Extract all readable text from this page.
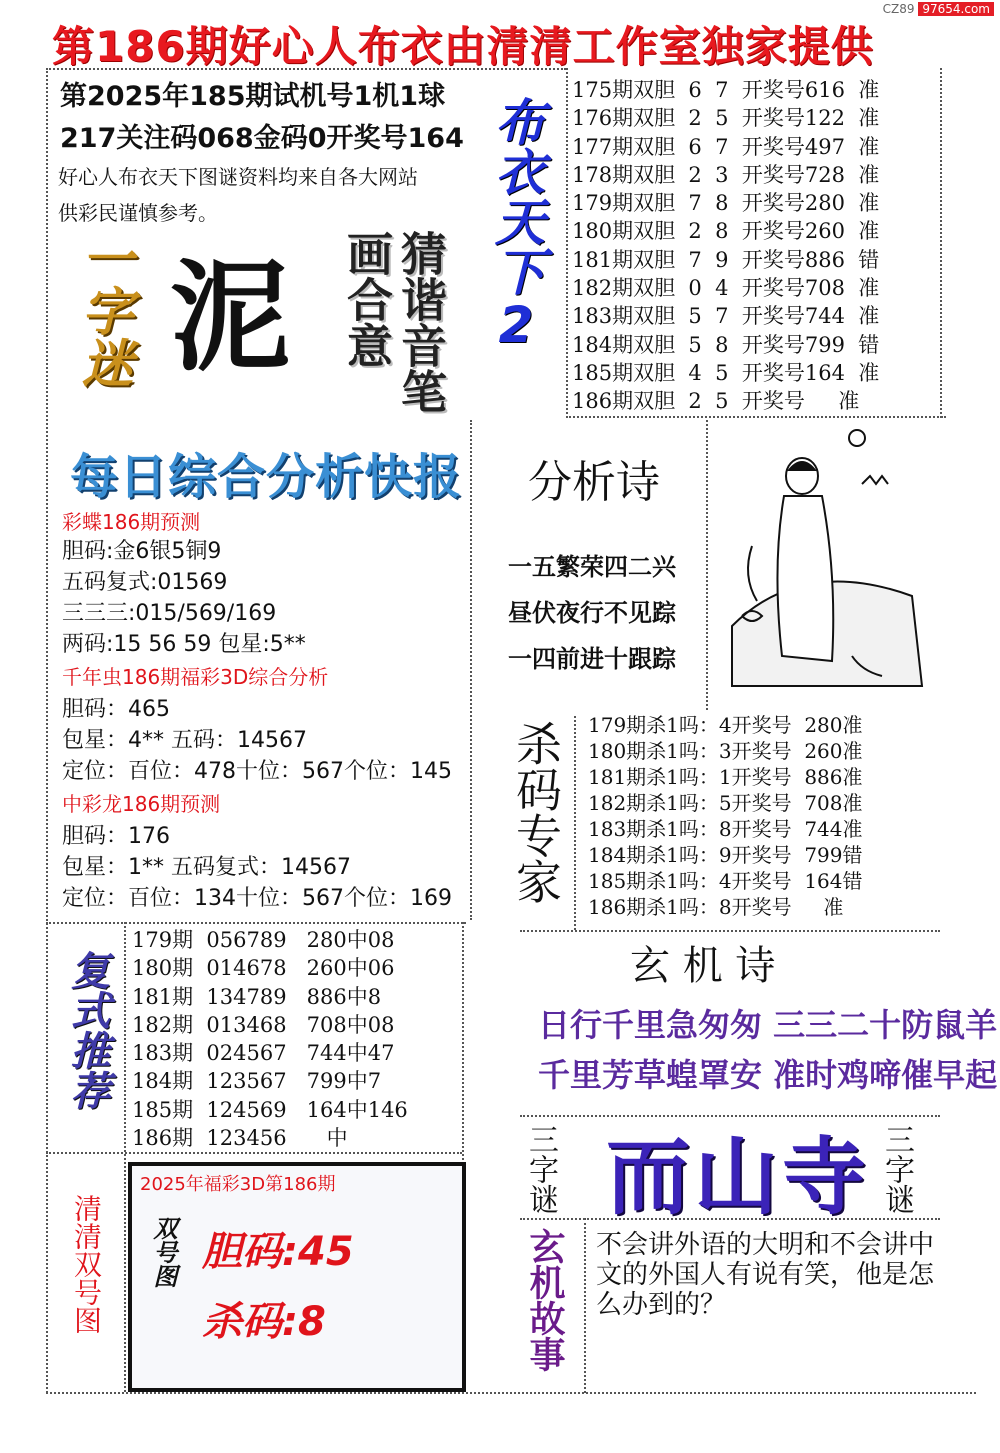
CZ89 97654.com
第186期好心人布衣由清清工作室独家提供
第2025年185期试机号1机1球
217关注码068金码0开奖号164
好心人布衣天下图谜资料均来自各大网站
供彩民谨慎参考。	布衣天下2
一字迷 泥	猜谐音笔画合意
175期双胆  6  7  开奖号616  准
176期双胆  2  5  开奖号122  准
177期双胆  6  7  开奖号497  准
178期双胆  2  3  开奖号728  准
179期双胆  7  8  开奖号280  准
180期双胆  2  8  开奖号260  准
181期双胆  7  9  开奖号886  错
182期双胆  0  4  开奖号708  准
183期双胆  5  7  开奖号744  准
184期双胆  5  8  开奖号799  错
185期双胆  4  5  开奖号164  准
186期双胆  2  5  开奖号     准
每日综合分析快报
彩蝶186期预测
胆码:金6银5铜9
五码复式:01569
三三三:015/569/169
两码:15 56 59 包星:5**
千年虫186期福彩3D综合分析
胆码：465
包星：4** 五码：14567
定位：百位：478十位：567个位：145
中彩龙186期预测
胆码：176
包星：1** 五码复式：14567
定位：百位：134十位：567个位：169
分析诗
一五繁荣四二兴
昼伏夜行不见踪
一四前进十跟踪
杀码专家 179期杀1吗：4开奖号  280准
180期杀1吗：3开奖号  260准
181期杀1吗：1开奖号  886准
182期杀1吗：5开奖号  708准
183期杀1吗：8开奖号  744准
184期杀1吗：9开奖号  799错
185期杀1吗：4开奖号  164错
186期杀1吗：8开奖号     准
复式推荐
179期  056789   280中08
180期  014678   260中06
181期  134789   886中8
182期  013468   708中08
183期  024567   744中47
184期  123567   799中7
185期  124569   164中146
186期  123456      中
玄 机 诗
日行千里急匆匆 三三二十防鼠羊
千里芳草蝗罩安 准时鸡啼催早起
三字谜 而山寺 三字谜
玄机故事 不会讲外语的大明和不会讲中文的外国人有说有笑，他是怎么办到的？
清清双号图
2025年福彩3D第186期
双号图 胆码:45
杀码:8
